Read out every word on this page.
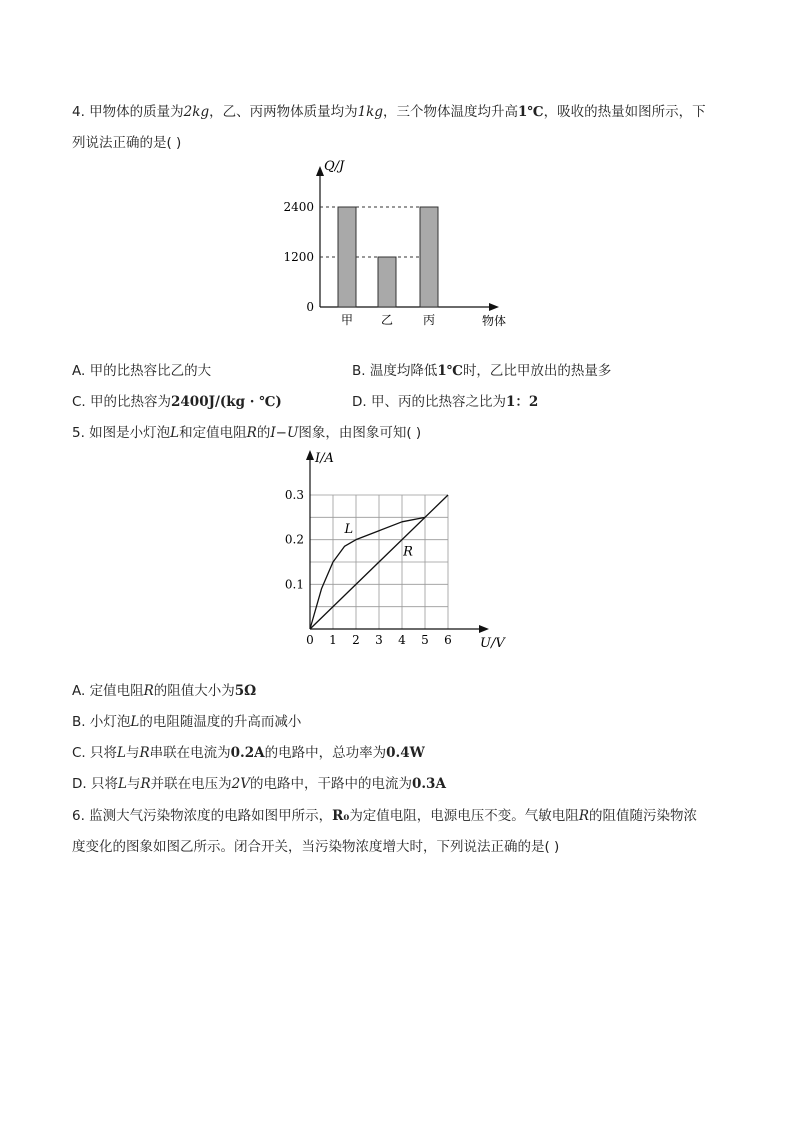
4. 甲物体的质量为2kg，乙、丙两物体质量均为1kg，三个物体温度均升高1℃，吸收的热量如图所示，下
列说法正确的是( )
Q/J
物体
0
1200
2400
甲 乙 丙
A. 甲的比热容比乙的大	B. 温度均降低1℃时，乙比甲放出的热量多
C. 甲的比热容为2400J/(kg · ℃)	D. 甲、丙的比热容之比为1：2
5. 如图是小灯泡L和定值电阻R的I−U图象，由图象可知( )
I/A
U/V
0 1 2 3 4 5 6
0.1
0.2
0.3
L
R
A. 定值电阻R的阻值大小为5Ω
B. 小灯泡L的电阻随温度的升高而减小
C. 只将L与R串联在电流为0.2A的电路中，总功率为0.4W
D. 只将L与R并联在电压为2V的电路中，干路中的电流为0.3A
6. 监测大气污染物浓度的电路如图甲所示，R₀为定值电阻，电源电压不变。气敏电阻R的阻值随污染物浓
度变化的图象如图乙所示。闭合开关，当污染物浓度增大时，下列说法正确的是( )
